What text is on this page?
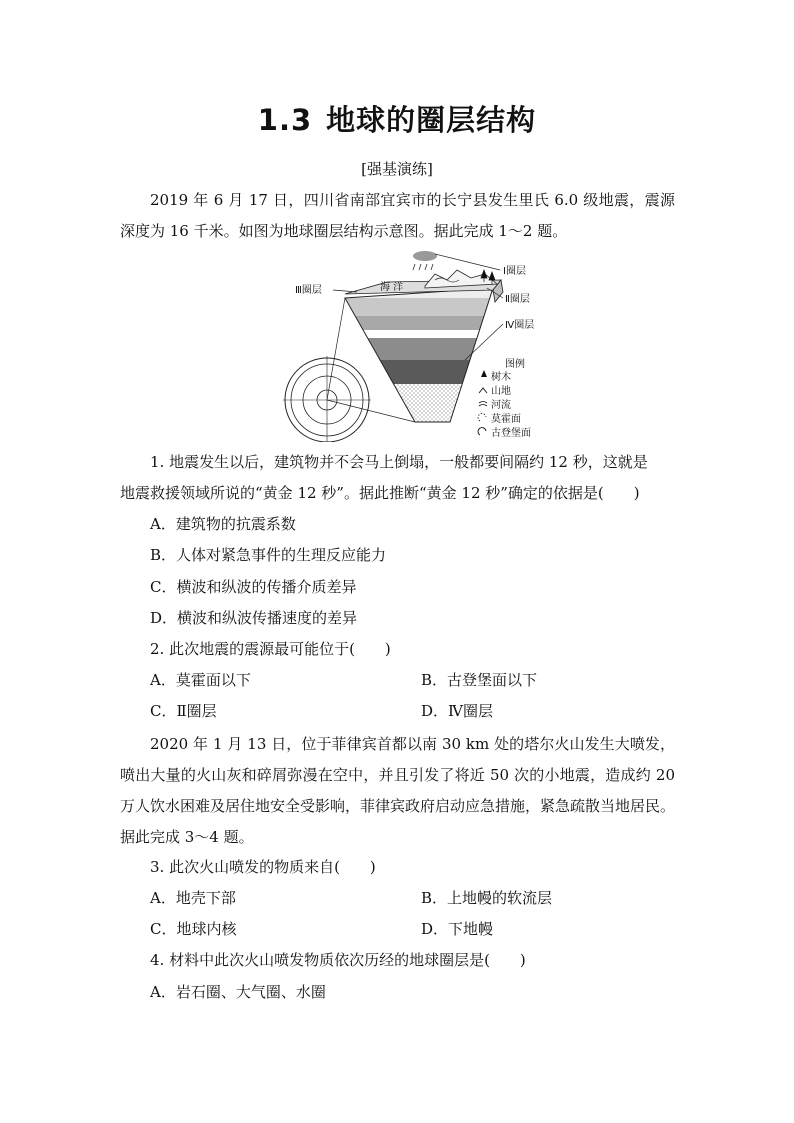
1.3 地球的圈层结构
[强基演练]
2019 年 6 月 17 日，四川省南部宜宾市的长宁县发生里氏 6.0 级地震，震源深度为 16 千米。如图为地球圈层结构示意图。据此完成 1～2 题。
Ⅰ圈层
Ⅱ圈层
Ⅲ圈层
Ⅳ圈层
海 洋
图例
树木
山地
河流
莫霍面
古登堡面
1. 地震发生以后，建筑物并不会马上倒塌，一般都要间隔约 12 秒，这就是
地震救援领域所说的“黄金 12 秒”。据此推断“黄金 12 秒”确定的依据是(　　)
A．建筑物的抗震系数
B．人体对紧急事件的生理反应能力
C．横波和纵波的传播介质差异
D．横波和纵波传播速度的差异
2. 此次地震的震源最可能位于(　　)
A．莫霍面以下	B．古登堡面以下
C．Ⅱ圈层	D．Ⅳ圈层
2020 年 1 月 13 日，位于菲律宾首都以南 30 km 处的塔尔火山发生大喷发，喷出大量的火山灰和碎屑弥漫在空中，并且引发了将近 50 次的小地震，造成约 20 万人饮水困难及居住地安全受影响，菲律宾政府启动应急措施，紧急疏散当地居民。据此完成 3～4 题。
3. 此次火山喷发的物质来自(　　)
A．地壳下部	B．上地幔的软流层
C．地球内核	D．下地幔
4. 材料中此次火山喷发物质依次历经的地球圈层是(　　)
A．岩石圈、大气圈、水圈
